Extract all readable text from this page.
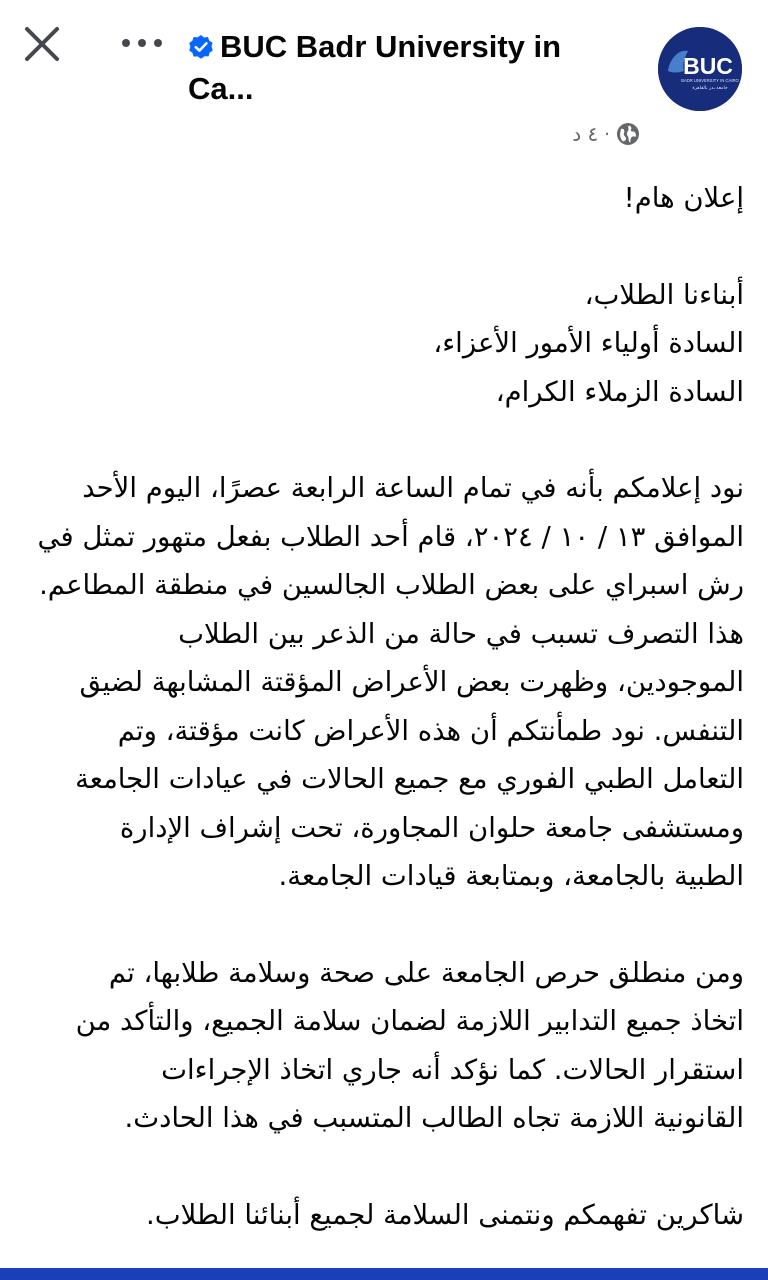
BUC Badr University in
Ca...

BUC
BADR UNIVERSITY IN CAIRO
جامعة بدر بالقاهرة
٤ د ·

إعلان هام!

أبناءنا الطلاب،
السادة أولياء الأمور الأعزاء،
السادة الزملاء الكرام،

نود إعلامكم بأنه في تمام الساعة الرابعة عصرًا، اليوم الأحد
الموافق ١٣ / ١٠ / ٢٠٢٤، قام أحد الطلاب بفعل متهور تمثل في
رش اسبراي على بعض الطلاب الجالسين في منطقة المطاعم.
هذا التصرف تسبب في حالة من الذعر بين الطلاب
الموجودين، وظهرت بعض الأعراض المؤقتة المشابهة لضيق
التنفس. نود طمأنتكم أن هذه الأعراض كانت مؤقتة، وتم
التعامل الطبي الفوري مع جميع الحالات في عيادات الجامعة
ومستشفى جامعة حلوان المجاورة، تحت إشراف الإدارة
الطبية بالجامعة، وبمتابعة قيادات الجامعة.

ومن منطلق حرص الجامعة على صحة وسلامة طلابها، تم
اتخاذ جميع التدابير اللازمة لضمان سلامة الجميع، والتأكد من
استقرار الحالات. كما نؤكد أنه جاري اتخاذ الإجراءات
القانونية اللازمة تجاه الطالب المتسبب في هذا الحادث.

شاكرين تفهمكم ونتمنى السلامة لجميع أبنائنا الطلاب.
